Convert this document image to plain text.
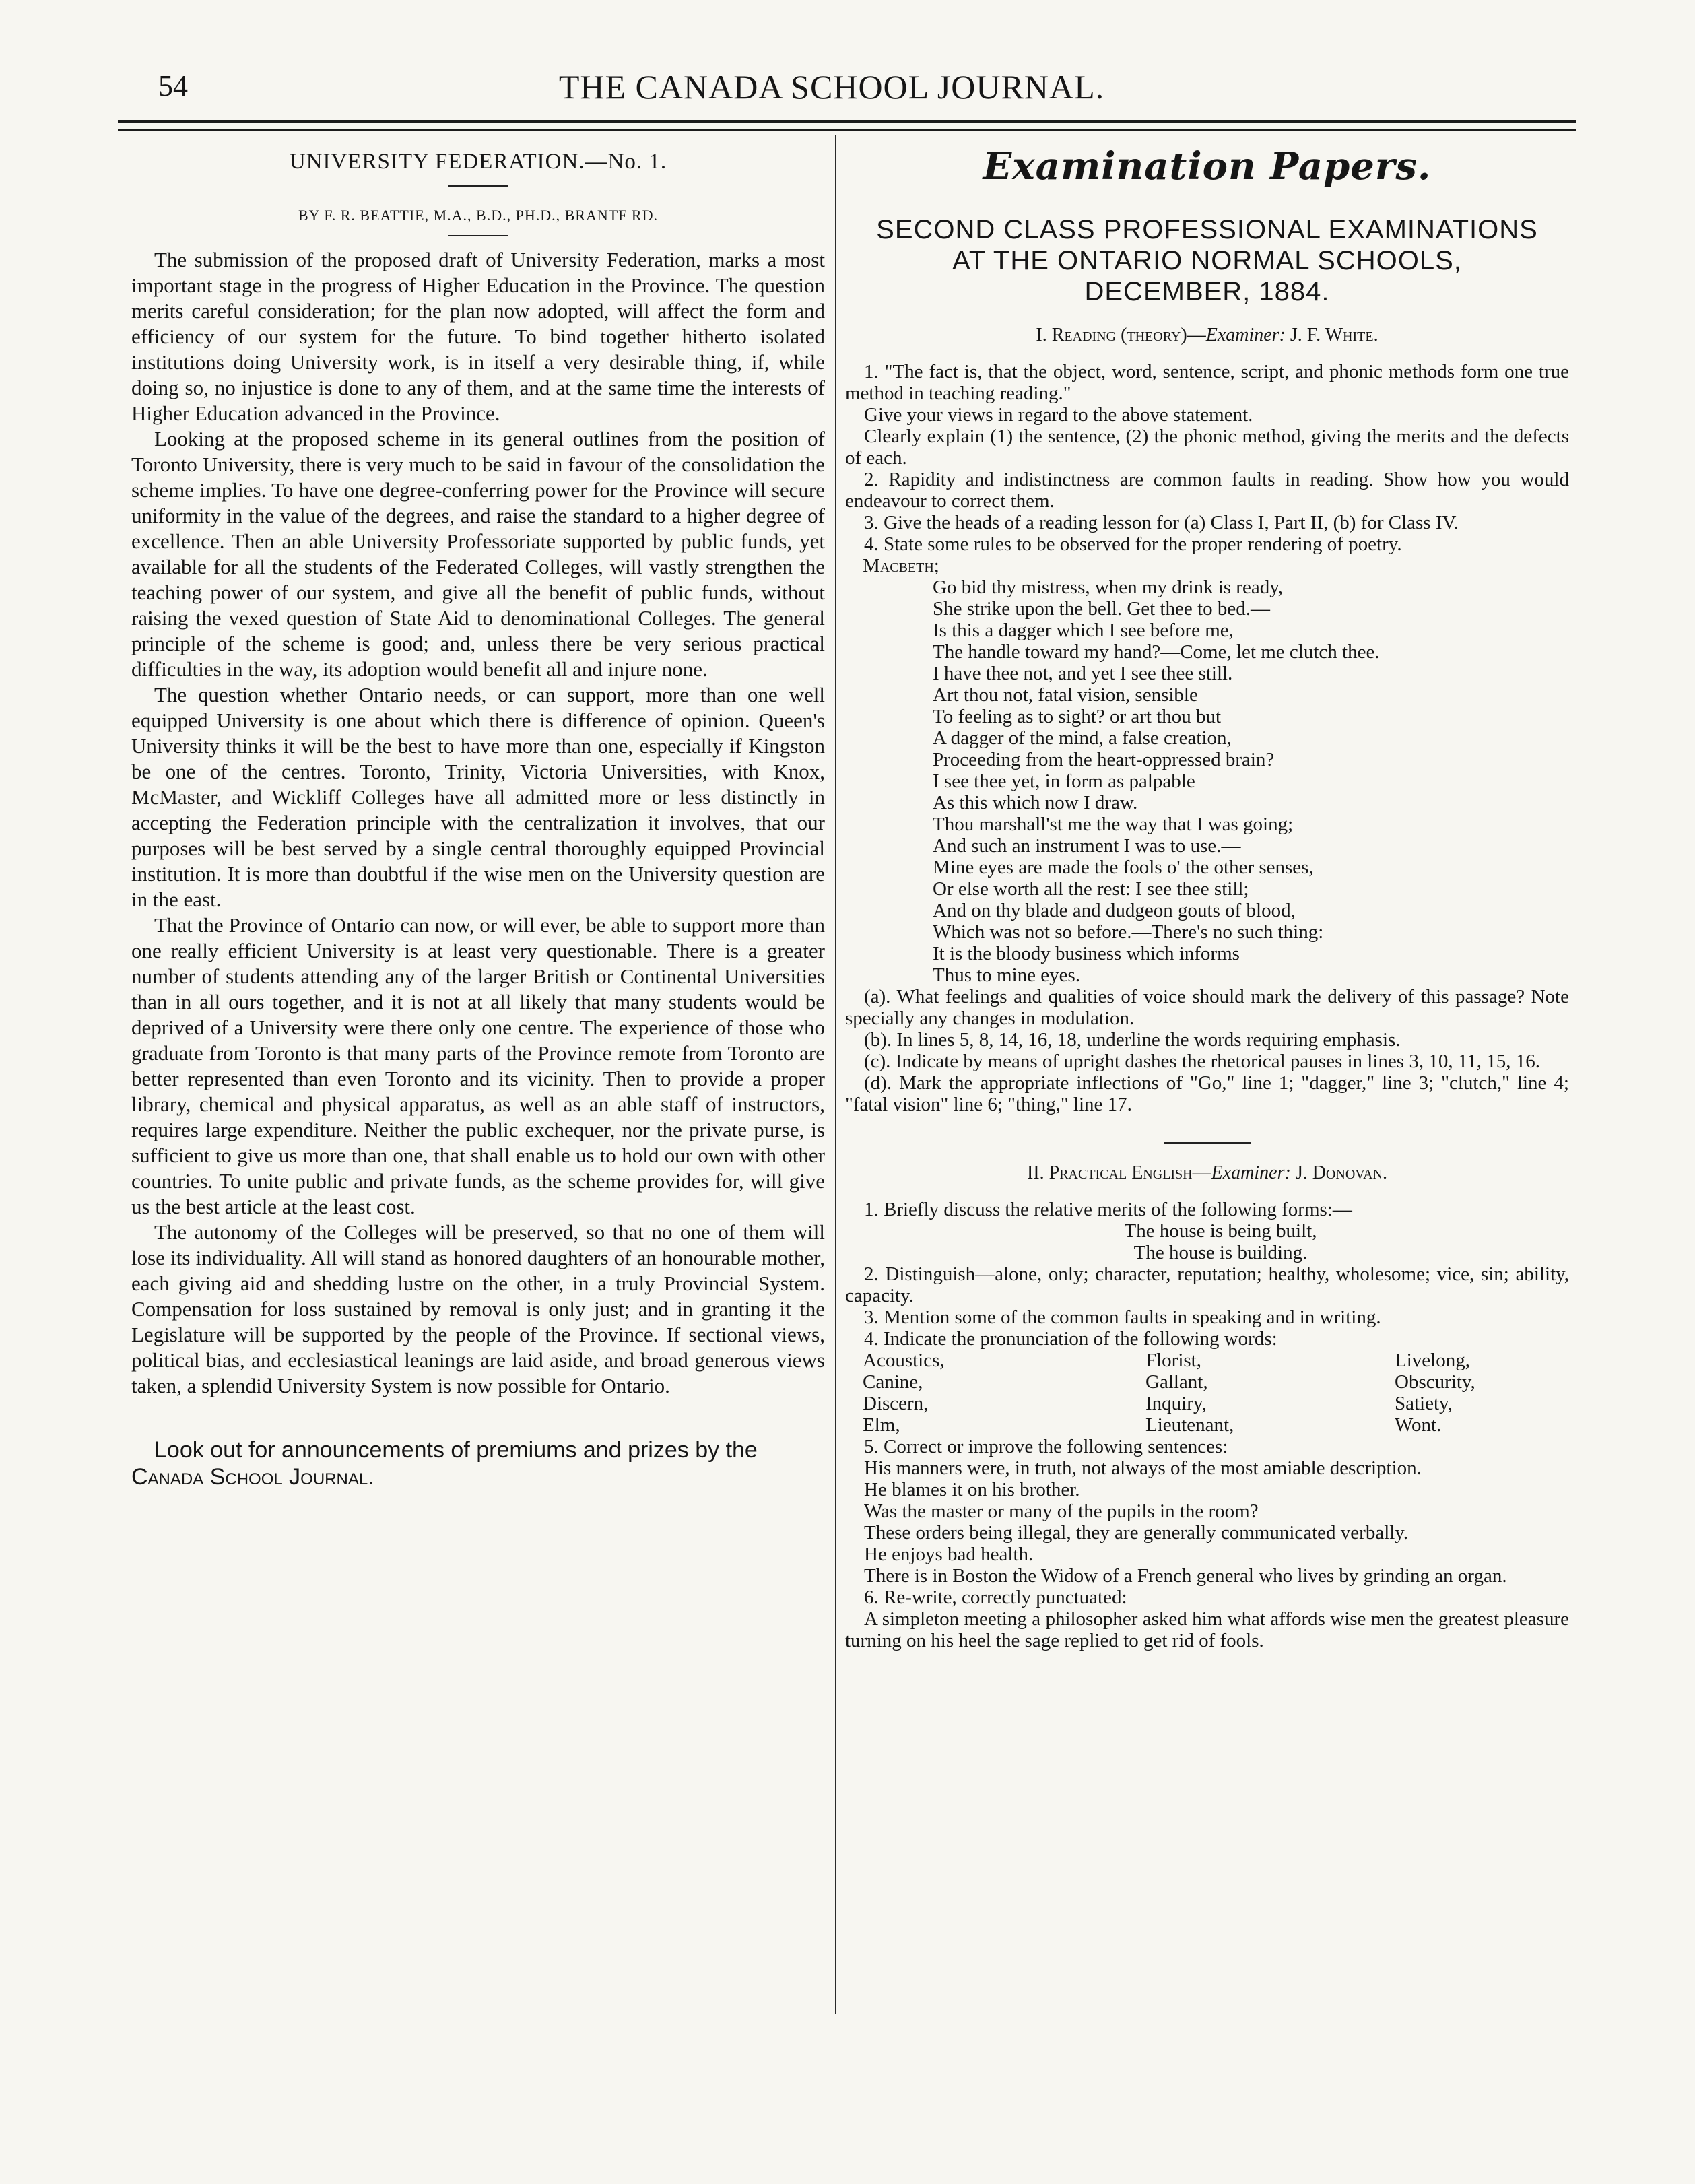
54	THE CANADA SCHOOL JOURNAL.
UNIVERSITY FEDERATION.—No. 1.
BY F. R. BEATTIE, M.A., B.D., PH.D., BRANTF RD.

The submission of the proposed draft of University Federation, marks a most important stage in the progress of Higher Education in the Province. The question merits careful consideration; for the plan now adopted, will affect the form and efficiency of our system for the future. To bind together hitherto isolated institutions doing University work, is in itself a very desirable thing, if, while doing so, no injustice is done to any of them, and at the same time the interests of Higher Education advanced in the Province.

Looking at the proposed scheme in its general outlines from the position of Toronto University, there is very much to be said in favour of the consolidation the scheme implies. To have one degree-conferring power for the Province will secure uniformity in the value of the degrees, and raise the standard to a higher degree of excellence. Then an able University Professoriate supported by public funds, yet available for all the students of the Federated Colleges, will vastly strengthen the teaching power of our system, and give all the benefit of public funds, without raising the vexed question of State Aid to denominational Colleges. The general principle of the scheme is good; and, unless there be very serious practical difficulties in the way, its adoption would benefit all and injure none.

The question whether Ontario needs, or can support, more than one well equipped University is one about which there is difference of opinion. Queen's University thinks it will be the best to have more than one, especially if Kingston be one of the centres. Toronto, Trinity, Victoria Universities, with Knox, McMaster, and Wickliff Colleges have all admitted more or less distinctly in accepting the Federation principle with the centralization it involves, that our purposes will be best served by a single central thoroughly equipped Provincial institution. It is more than doubtful if the wise men on the University question are in the east.

That the Province of Ontario can now, or will ever, be able to support more than one really efficient University is at least very questionable. There is a greater number of students attending any of the larger British or Continental Universities than in all ours together, and it is not at all likely that many students would be deprived of a University were there only one centre. The experience of those who graduate from Toronto is that many parts of the Province remote from Toronto are better represented than even Toronto and its vicinity. Then to provide a proper library, chemical and physical apparatus, as well as an able staff of instructors, requires large expenditure. Neither the public exchequer, nor the private purse, is sufficient to give us more than one, that shall enable us to hold our own with other countries. To unite public and private funds, as the scheme provides for, will give us the best article at the least cost.

The autonomy of the Colleges will be preserved, so that no one of them will lose its individuality. All will stand as honored daughters of an honourable mother, each giving aid and shedding lustre on the other, in a truly Provincial System. Compensation for loss sustained by removal is only just; and in granting it the Legislature will be supported by the people of the Province. If sectional views, political bias, and ecclesiastical leanings are laid aside, and broad generous views taken, a splendid University System is now possible for Ontario.

Look out for announcements of premiums and prizes by the Canada School Journal.
Examination Papers.
SECOND CLASS PROFESSIONAL EXAMINATIONS
AT THE ONTARIO NORMAL SCHOOLS,
DECEMBER, 1884.
I. Reading (theory)—Examiner: J. F. White.

1. "The fact is, that the object, word, sentence, script, and phonic methods form one true method in teaching reading."

Give your views in regard to the above statement.

Clearly explain (1) the sentence, (2) the phonic method, giving the merits and the defects of each.

2. Rapidity and indistinctness are common faults in reading. Show how you would endeavour to correct them.

3. Give the heads of a reading lesson for (a) Class I, Part II, (b) for Class IV.

4. State some rules to be observed for the proper rendering of poetry.

Macbeth;

Go bid thy mistress, when my drink is ready,
She strike upon the bell. Get thee to bed.—
Is this a dagger which I see before me,
The handle toward my hand?—Come, let me clutch thee.
I have thee not, and yet I see thee still.
Art thou not, fatal vision, sensible
To feeling as to sight? or art thou but
A dagger of the mind, a false creation,
Proceeding from the heart-oppressed brain?
I see thee yet, in form as palpable
As this which now I draw.
Thou marshall'st me the way that I was going;
And such an instrument I was to use.—
Mine eyes are made the fools o' the other senses,
Or else worth all the rest: I see thee still;
And on thy blade and dudgeon gouts of blood,
Which was not so before.—There's no such thing:
It is the bloody business which informs
Thus to mine eyes.

(a). What feelings and qualities of voice should mark the delivery of this passage? Note specially any changes in modulation.

(b). In lines 5, 8, 14, 16, 18, underline the words requiring emphasis.

(c). Indicate by means of upright dashes the rhetorical pauses in lines 3, 10, 11, 15, 16.

(d). Mark the appropriate inflections of "Go," line 1; "dagger," line 3; "clutch," line 4; "fatal vision" line 6; "thing," line 17.

II. Practical English—Examiner: J. Donovan.

1. Briefly discuss the relative merits of the following forms:—

The house is being built,
The house is building.

2. Distinguish—alone, only; character, reputation; healthy, wholesome; vice, sin; ability, capacity.

3. Mention some of the common faults in speaking and in writing.

4. Indicate the pronunciation of the following words:

Acoustics,	Florist,	Livelong,
Canine,	Gallant,	Obscurity,
Discern,	Inquiry,	Satiety,
Elm,	Lieutenant,	Wont.

5. Correct or improve the following sentences:

His manners were, in truth, not always of the most amiable description.

He blames it on his brother.

Was the master or many of the pupils in the room?

These orders being illegal, they are generally communicated verbally.

He enjoys bad health.

There is in Boston the Widow of a French general who lives by grinding an organ.

6. Re-write, correctly punctuated:

A simpleton meeting a philosopher asked him what affords wise men the greatest pleasure turning on his heel the sage replied to get rid of fools.
